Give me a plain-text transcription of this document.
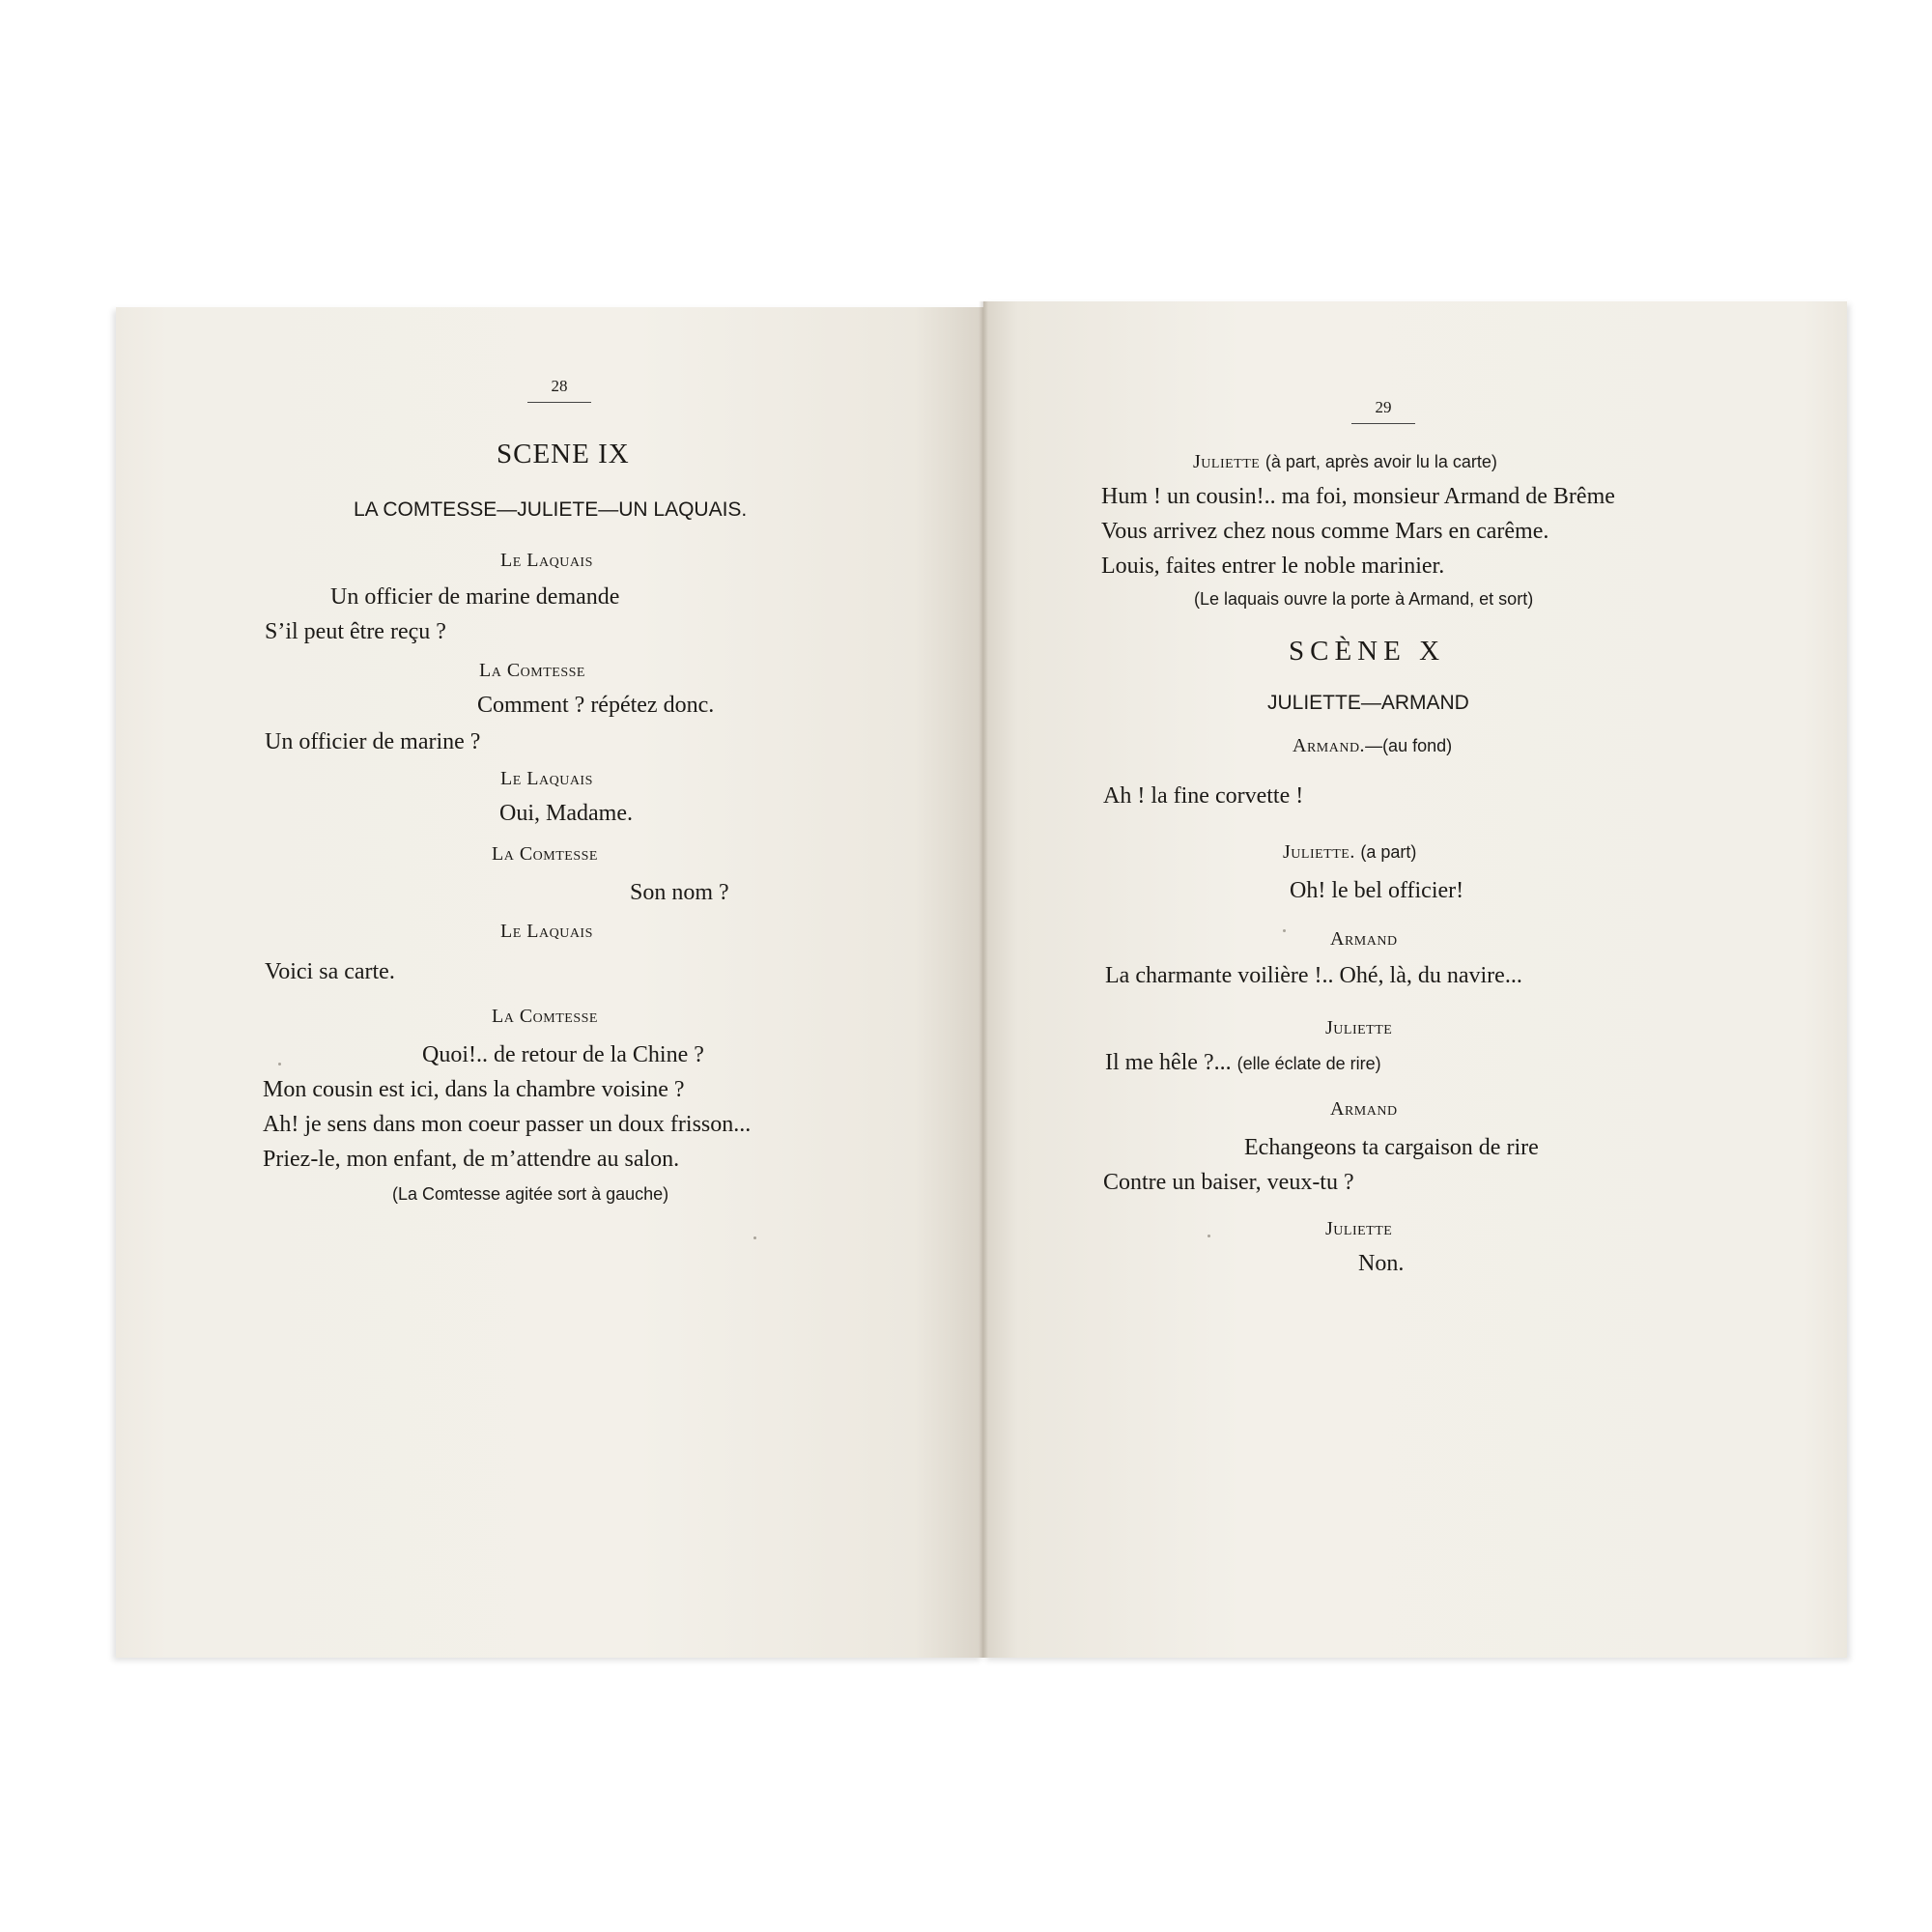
28
SCENE IX
LA COMTESSE—JULIETE—UN LAQUAIS.
Le Laquais
Un officier de marine demande
S’il peut être reçu ?
La Comtesse
Comment ? répétez donc.
Un officier de marine ?
Le Laquais
Oui, Madame.
La Comtesse
Son nom ?
Le Laquais
Voici sa carte.
La Comtesse
Quoi!.. de retour de la Chine ?
Mon cousin est ici, dans la chambre voisine ?
Ah! je sens dans mon coeur passer un doux frisson...
Priez-le, mon enfant, de m’attendre au salon.
(La Comtesse agitée sort à gauche)
29
Juliette (à part, après avoir lu la carte)
Hum ! un cousin!.. ma foi, monsieur Armand de Brême
Vous arrivez chez nous comme Mars en carême.
Louis, faites entrer le noble marinier.
(Le laquais ouvre la porte à Armand, et sort)
SCÈNE X
JULIETTE—ARMAND
Armand.—(au fond)
Ah ! la fine corvette !
Juliette. (a part)
Oh! le bel officier!
Armand
La charmante voilière !.. Ohé, là, du navire...
Juliette
Il me hêle ?... (elle éclate de rire)
Armand
Echangeons ta cargaison de rire
Contre un baiser, veux-tu ?
Juliette
Non.
